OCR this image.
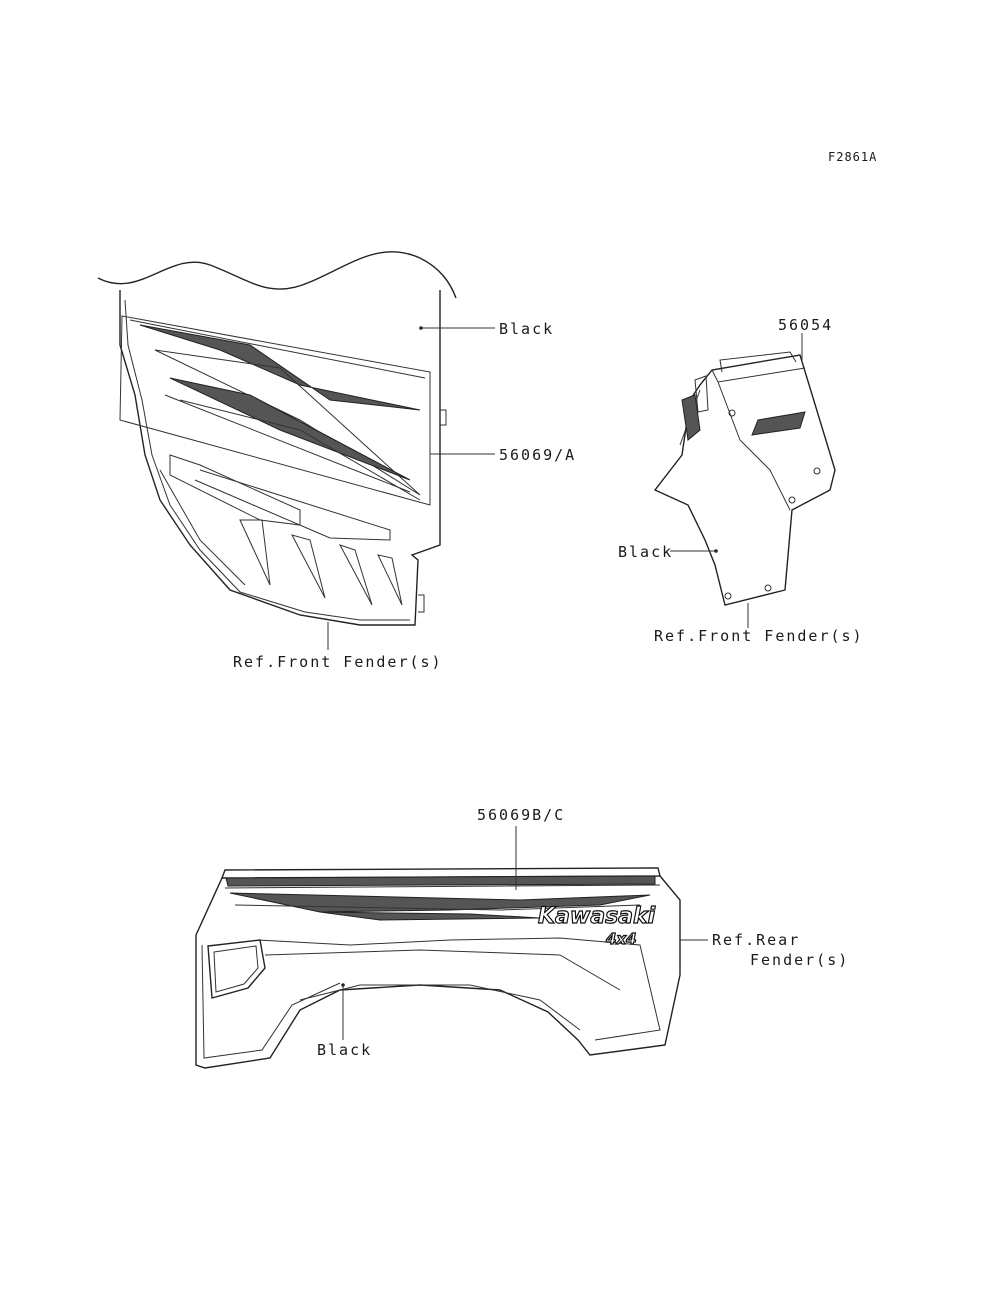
F2861A
Black
56069/A
Ref.Front Fender(s)
56054
Black
Ref.Front Fender(s)
Kawasaki
4x4
56069B/C
Ref.Rear
Fender(s)
Black
